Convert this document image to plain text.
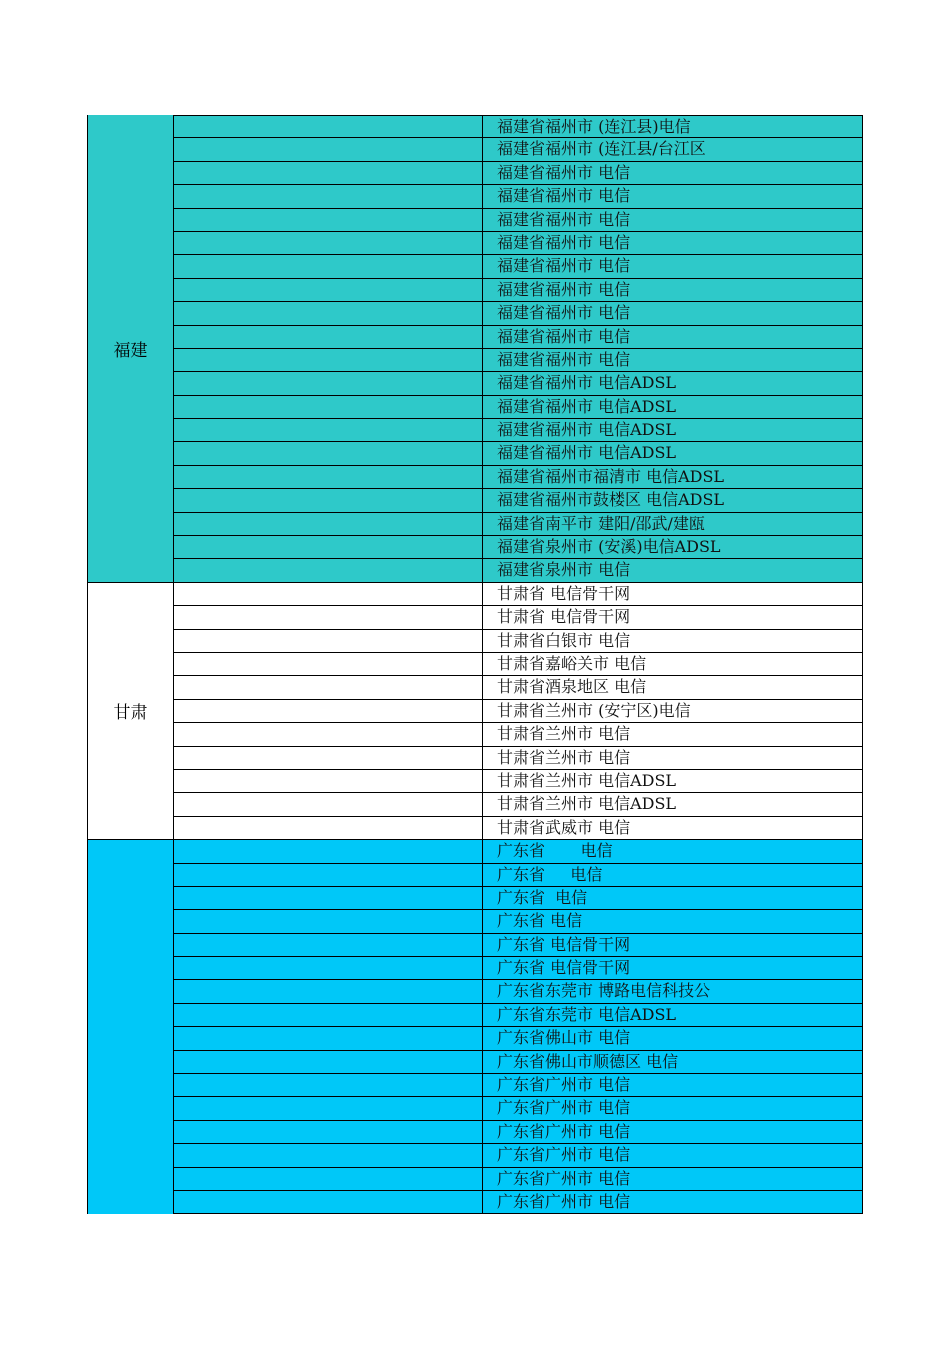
福建
福建省福州市 (连江县)电信
福建省福州市 (连江县/台江区
福建省福州市 电信
福建省福州市 电信
福建省福州市 电信
福建省福州市 电信
福建省福州市 电信
福建省福州市 电信
福建省福州市 电信
福建省福州市 电信
福建省福州市 电信
福建省福州市 电信ADSL
福建省福州市 电信ADSL
福建省福州市 电信ADSL
福建省福州市 电信ADSL
福建省福州市福清市 电信ADSL
福建省福州市鼓楼区 电信ADSL
福建省南平市 建阳/邵武/建瓯
福建省泉州市 (安溪)电信ADSL
福建省泉州市 电信
甘肃
甘肃省 电信骨干网
甘肃省 电信骨干网
甘肃省白银市 电信
甘肃省嘉峪关市 电信
甘肃省酒泉地区 电信
甘肃省兰州市 (安宁区)电信
甘肃省兰州市 电信
甘肃省兰州市 电信
甘肃省兰州市 电信ADSL
甘肃省兰州市 电信ADSL
甘肃省武威市 电信
广东省       电信
广东省     电信
广东省  电信
广东省 电信
广东省 电信骨干网
广东省 电信骨干网
广东省东莞市 博路电信科技公
广东省东莞市 电信ADSL
广东省佛山市 电信
广东省佛山市顺德区 电信
广东省广州市 电信
广东省广州市 电信
广东省广州市 电信
广东省广州市 电信
广东省广州市 电信
广东省广州市 电信
